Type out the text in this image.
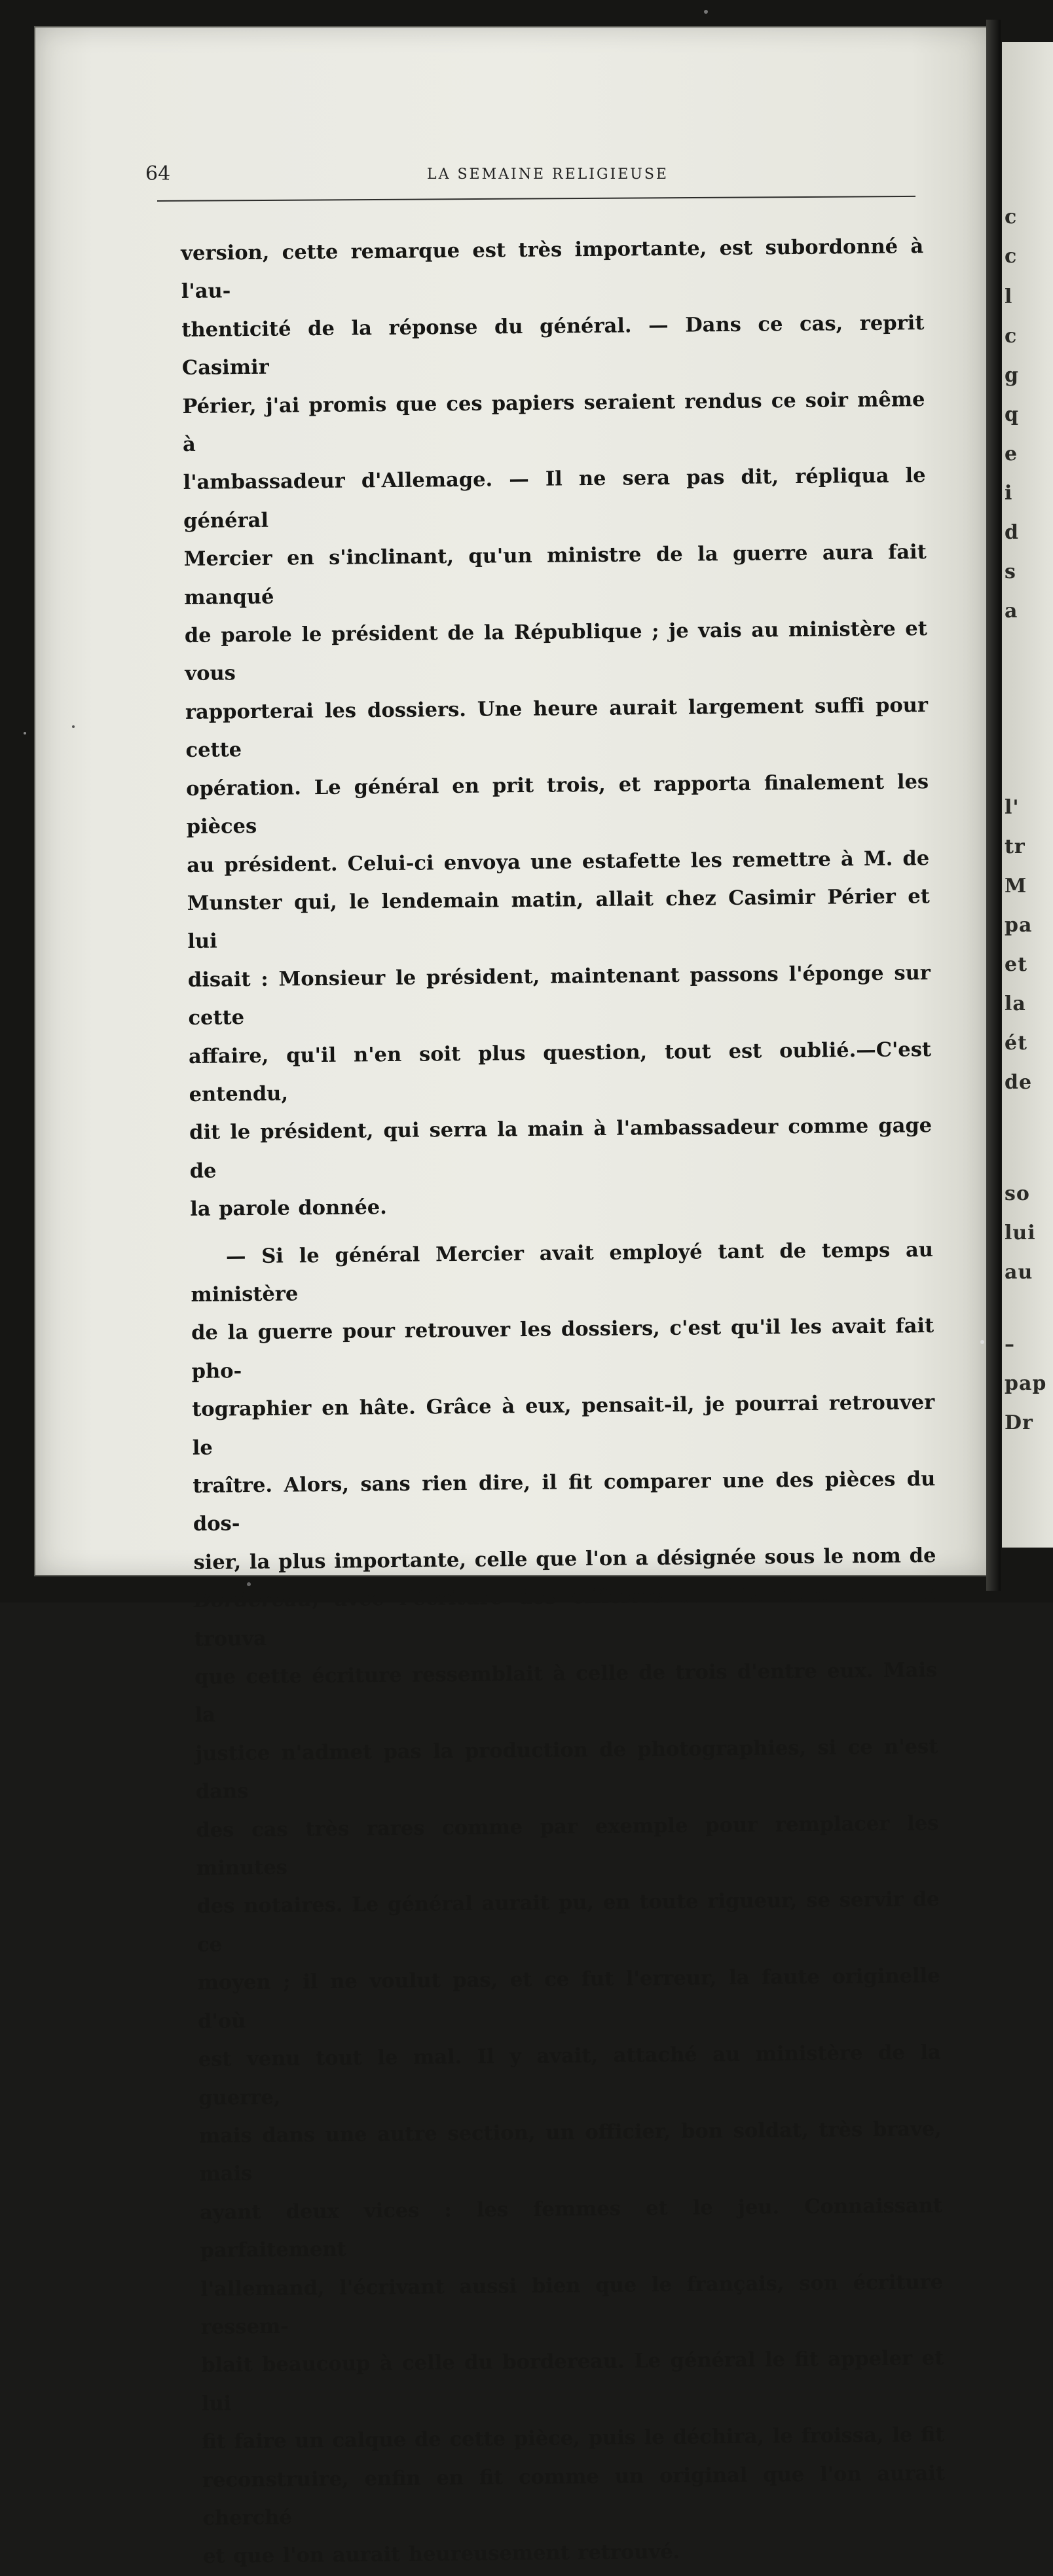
64	LA SEMAINE RELIGIEUSE

version, cette remarque est très importante, est subordonné à l'au-
thenticité de la réponse du général. — Dans ce cas, reprit Casimir
Périer, j'ai promis que ces papiers seraient rendus ce soir même à
l'ambassadeur d'Allemage. — Il ne sera pas dit, répliqua le général
Mercier en s'inclinant, qu'un ministre de la guerre aura fait manqué
de parole le président de la République ; je vais au ministère et vous
rapporterai les dossiers. Une heure aurait largement suffi pour cette
opération. Le général en prit trois, et rapporta finalement les pièces
au président. Celui-ci envoya une estafette les remettre à M. de
Munster qui, le lendemain matin, allait chez Casimir Périer et lui
disait : Monsieur le président, maintenant passons l'éponge sur cette
affaire, qu'il n'en soit plus question, tout est oublié.—C'est entendu,
dit le président, qui serra la main à l'ambassadeur comme gage de
la parole donnée.

— Si le général Mercier avait employé tant de temps au ministère
de la guerre pour retrouver les dossiers, c'est qu'il les avait fait pho-
tographier en hâte. Grâce à eux, pensait-il, je pourrai retrouver le
traître. Alors, sans rien dire, il fit comparer une des pièces du dos-
sier, la plus importante, celle que l'on a désignée sous le nom de
Bordereau, avec l'écriture des officiers du IIIe bureau. Il se trouva
que cette écriture ressemblait à celle de trois d'entre eux. Mais la
justice n'admet pas la production de photographies, si ce n'est dans
des cas très rares comme par exemple pour remplacer les minutes
des notaires. Le général aurait pu, en toute rigueur, se servir de ce
moyen ; il ne voulut pas, et ce fut l'erreur, la faute originelle d'où
est venu tout le mal. Il y avait, attaché au ministère de la guerre,
mais dans une autre section, un officier, bon soldat, très brave, mais
ayant deux vices : les femmes et le jeu. Connaissant parfaitement
l'allemand, l'écrivant aussi bien que le français, son écriture ressem-
blait beaucoup à celle du bordereau. Le général le fit appeler et lui
fit faire un calque de cette pièce, puis le déchira, le froissa, le fit
reconstruire, enfin en fit comme un original que l'on aurait cherché
et que l'on aurait heureusement retrouvé.

c
c
l
c
g
q
e
i
d
s
a
l'
tr
M
pa
et
la
ét
de
so
lui
au
–
pap
Dr
